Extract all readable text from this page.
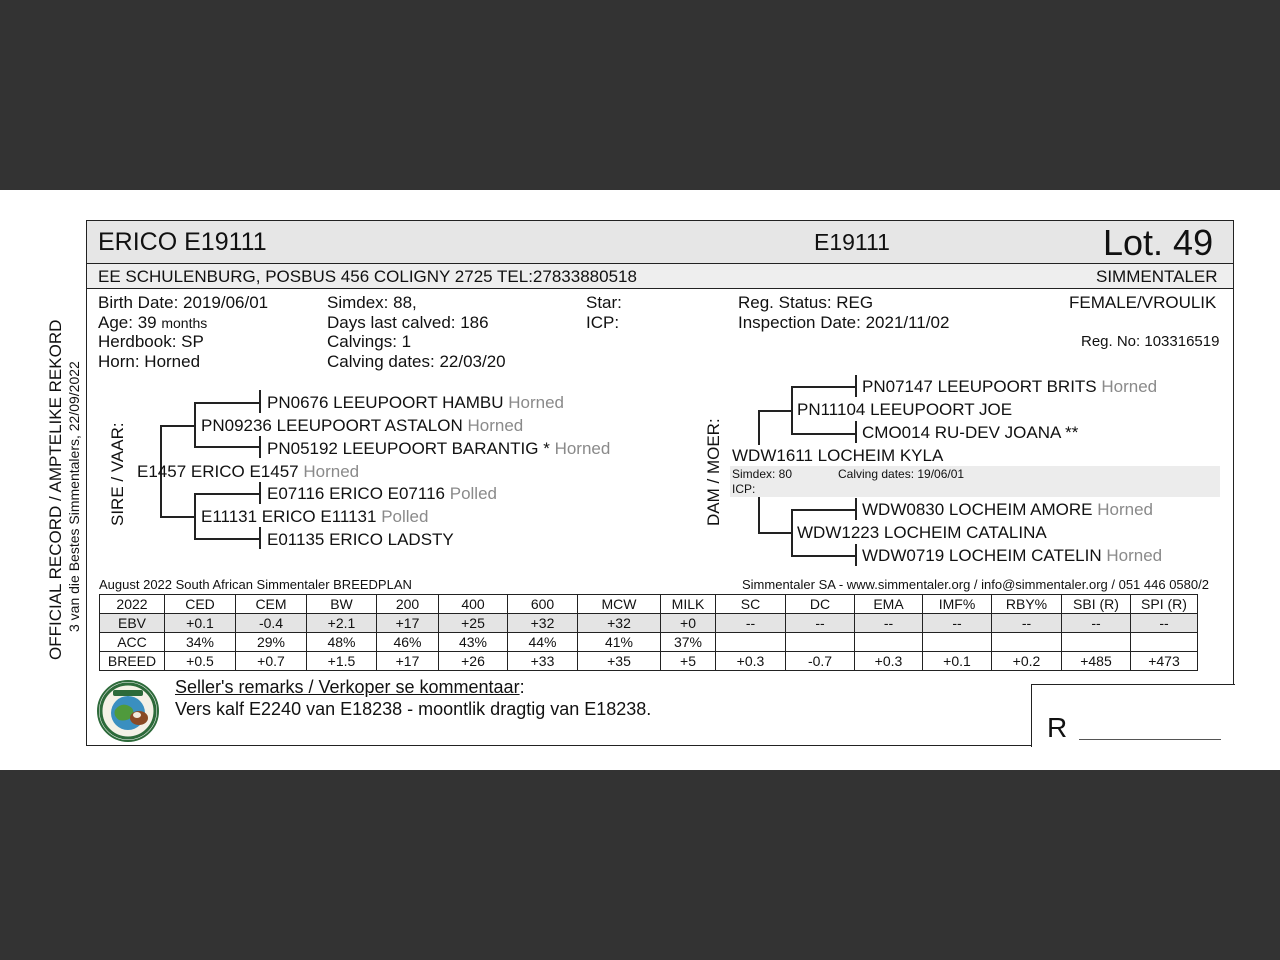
ERICO E19111	E19111	Lot. 49
EE SCHULENBURG, POSBUS 456 COLIGNY 2725 TEL:27833880518	SIMMENTALER
Birth Date: 2019/06/01
Age: 39 months
Herdbook: SP
Horn: Horned
Simdex: 88,
Days last calved: 186
Calvings: 1
Calving dates: 22/03/20
Star:
ICP:
Reg. Status: REG
Inspection Date: 2021/11/02
FEMALE/VROULIK
Reg. No: 103316519
OFFICIAL RECORD / AMPTELIKE REKORD 3 van die Bestes Simmentalers, 22/09/2022 SIRE / VAAR:	DAM / MOER:
PN0676 LEEUPOORT HAMBU Horned
PN09236 LEEUPOORT ASTALON Horned
PN05192 LEEUPOORT BARANTIG * Horned
E1457 ERICO E1457 Horned
E07116 ERICO E07116 Polled
E11131 ERICO E11131 Polled
E01135 ERICO LADSTY
PN07147 LEEUPOORT BRITS Horned
PN11104 LEEUPOORT JOE
CMO014 RU-DEV JOANA **
WDW1611 LOCHEIM KYLA
Simdex: 80	Calving dates: 19/06/01
ICP:
WDW0830 LOCHEIM AMORE Horned
WDW1223 LOCHEIM CATALINA
WDW0719 LOCHEIM CATELIN Horned
August 2022 South African Simmentaler BREEDPLAN	Simmentaler SA - www.simmentaler.org / info@simmentaler.org / 051 446 0580/2
2022	CED	CEM	BW	200	400	600	MCW	MILK	SC	DC	EMA	IMF%	RBY%	SBI (R)	SPI (R)
EBV	+0.1	-0.4	+2.1	+17	+25	+32	+32	+0	--	--	--	--	--	--	--
ACC	34%	29%	48%	46%	43%	44%	41%	37%							
BREED	+0.5	+0.7	+1.5	+17	+26	+33	+35	+5	+0.3	-0.7	+0.3	+0.1	+0.2	+485	+473
Seller's remarks / Verkoper se kommentaar:
Vers kalf E2240 van E18238 - moontlik dragtig van E18238.
R
